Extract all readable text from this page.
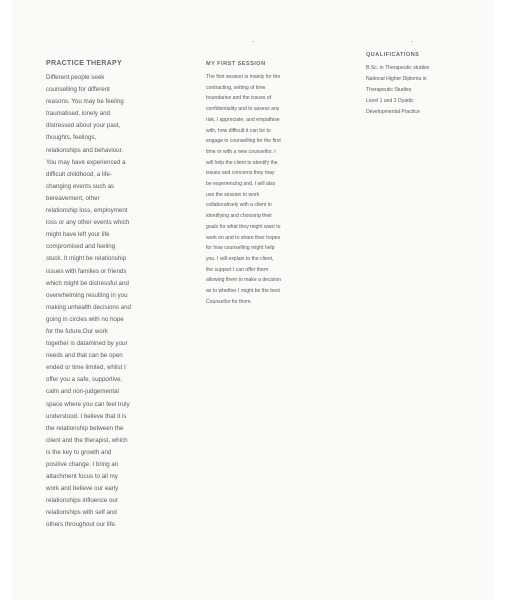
PRACTICE THERAPY

Different people seek
counselling for different
reasons. You may be feeling
traumatised, lonely and
distressed about your past,
thoughts, feelings,
relationships and behaviour.
You may have experienced a
difficult childhood, a life-
changing events such as
bereavement, other
relationship loss, employment
loss or any other events which
might have left your life
compromised and feeling
stuck. It might be relationship
issues with families or friends
which might be distressful and
overwhelming resulting in you
making unhealth decisions and
going in circles with no hope
for the future.Our work
together is datamined by your
needs and that can be open
ended or time limited, whilst I
offer you a safe, supportive,
calm and non-judgemental
space where you can feel truly
understood. I believe that it is
the relationship between the
client and the therapist, which
is the key to growth and
positive change. I bring an
attachment focus to all my
work and believe our early
relationships influence our
relationships with self and
others throughout our life.

MY FIRST SESSION

The first session is mainly for the
contracting, setting of time
boundaries and the issues of
confidentiality and to assess any
risk. I appreciate, and empathise
with, how difficult it can be to
engage in counselling for the first
time or with a new counsellor. I
will help the client to identify the
issues and concerns they may
be experiencing and, I will also
use the session to work
collaboratively with a client in
identifying and choosing their
goals for what they might want to
work on and to share their hopes
for how counselling might help
you. I will explain to the client,
the support I can offer them
allowing them to make a decision
as to whether I might be the best
Counsellor for them.

QUALIFICATIONS

B.Sc. in Therapeutic studies
National Higher Diploma in
Therapeutic Studies
Level 1 and 2 Dyadic
Developmental Practice
